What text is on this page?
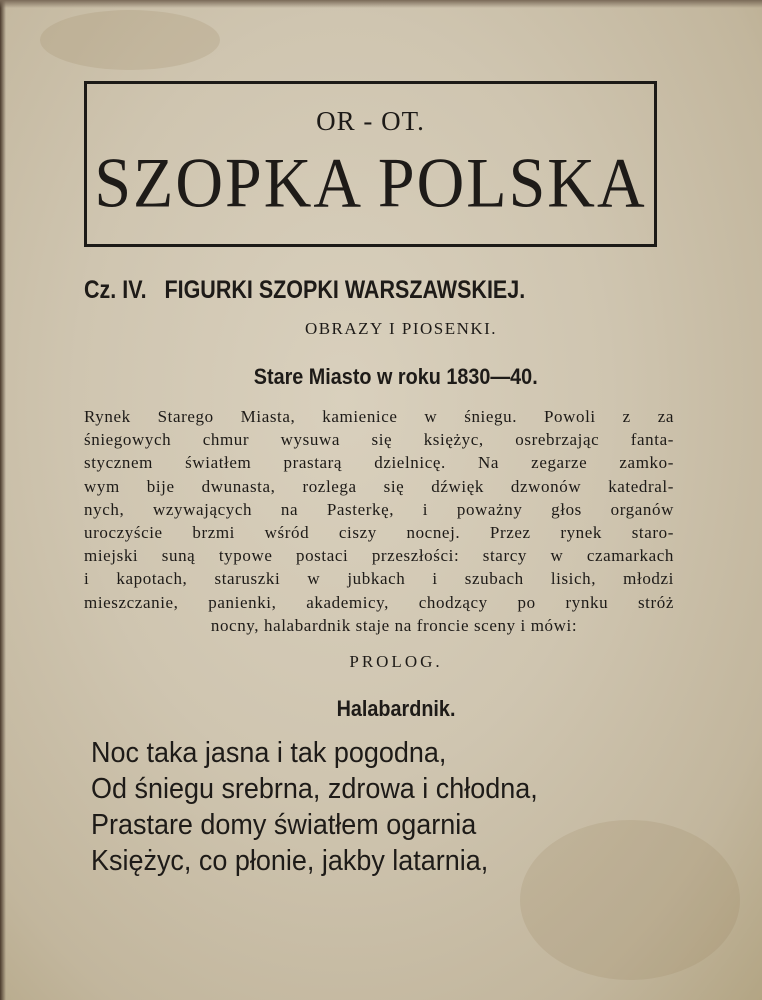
OR - OT.
SZOPKA POLSKA
Cz. IV.   FIGURKI SZOPKI WARSZAWSKIEJ.
OBRAZY I PIOSENKI.
Stare Miasto w roku 1830—40.
Rynek Starego Miasta, kamienice w śniegu. Powoli z za
śniegowych chmur wysuwa się księżyc, osrebrzając fanta-
stycznem światłem prastarą dzielnicę. Na zegarze zamko-
wym bije dwunasta, rozlega się dźwięk dzwonów katedral-
nych, wzywających na Pasterkę, i poważny głos organów
uroczyście brzmi wśród ciszy nocnej. Przez rynek staro-
miejski suną typowe postaci przeszłości: starcy w czamarkach
i kapotach, staruszki w jubkach i szubach lisich, młodzi
mieszczanie, panienki, akademicy, chodzący po rynku stróż
nocny, halabardnik staje na froncie sceny i mówi:
PROLOG.
Halabardnik.
Noc taka jasna i tak pogodna,
Od śniegu srebrna, zdrowa i chłodna,
Prastare domy światłem ogarnia
Księżyc, co płonie, jakby latarnia,
